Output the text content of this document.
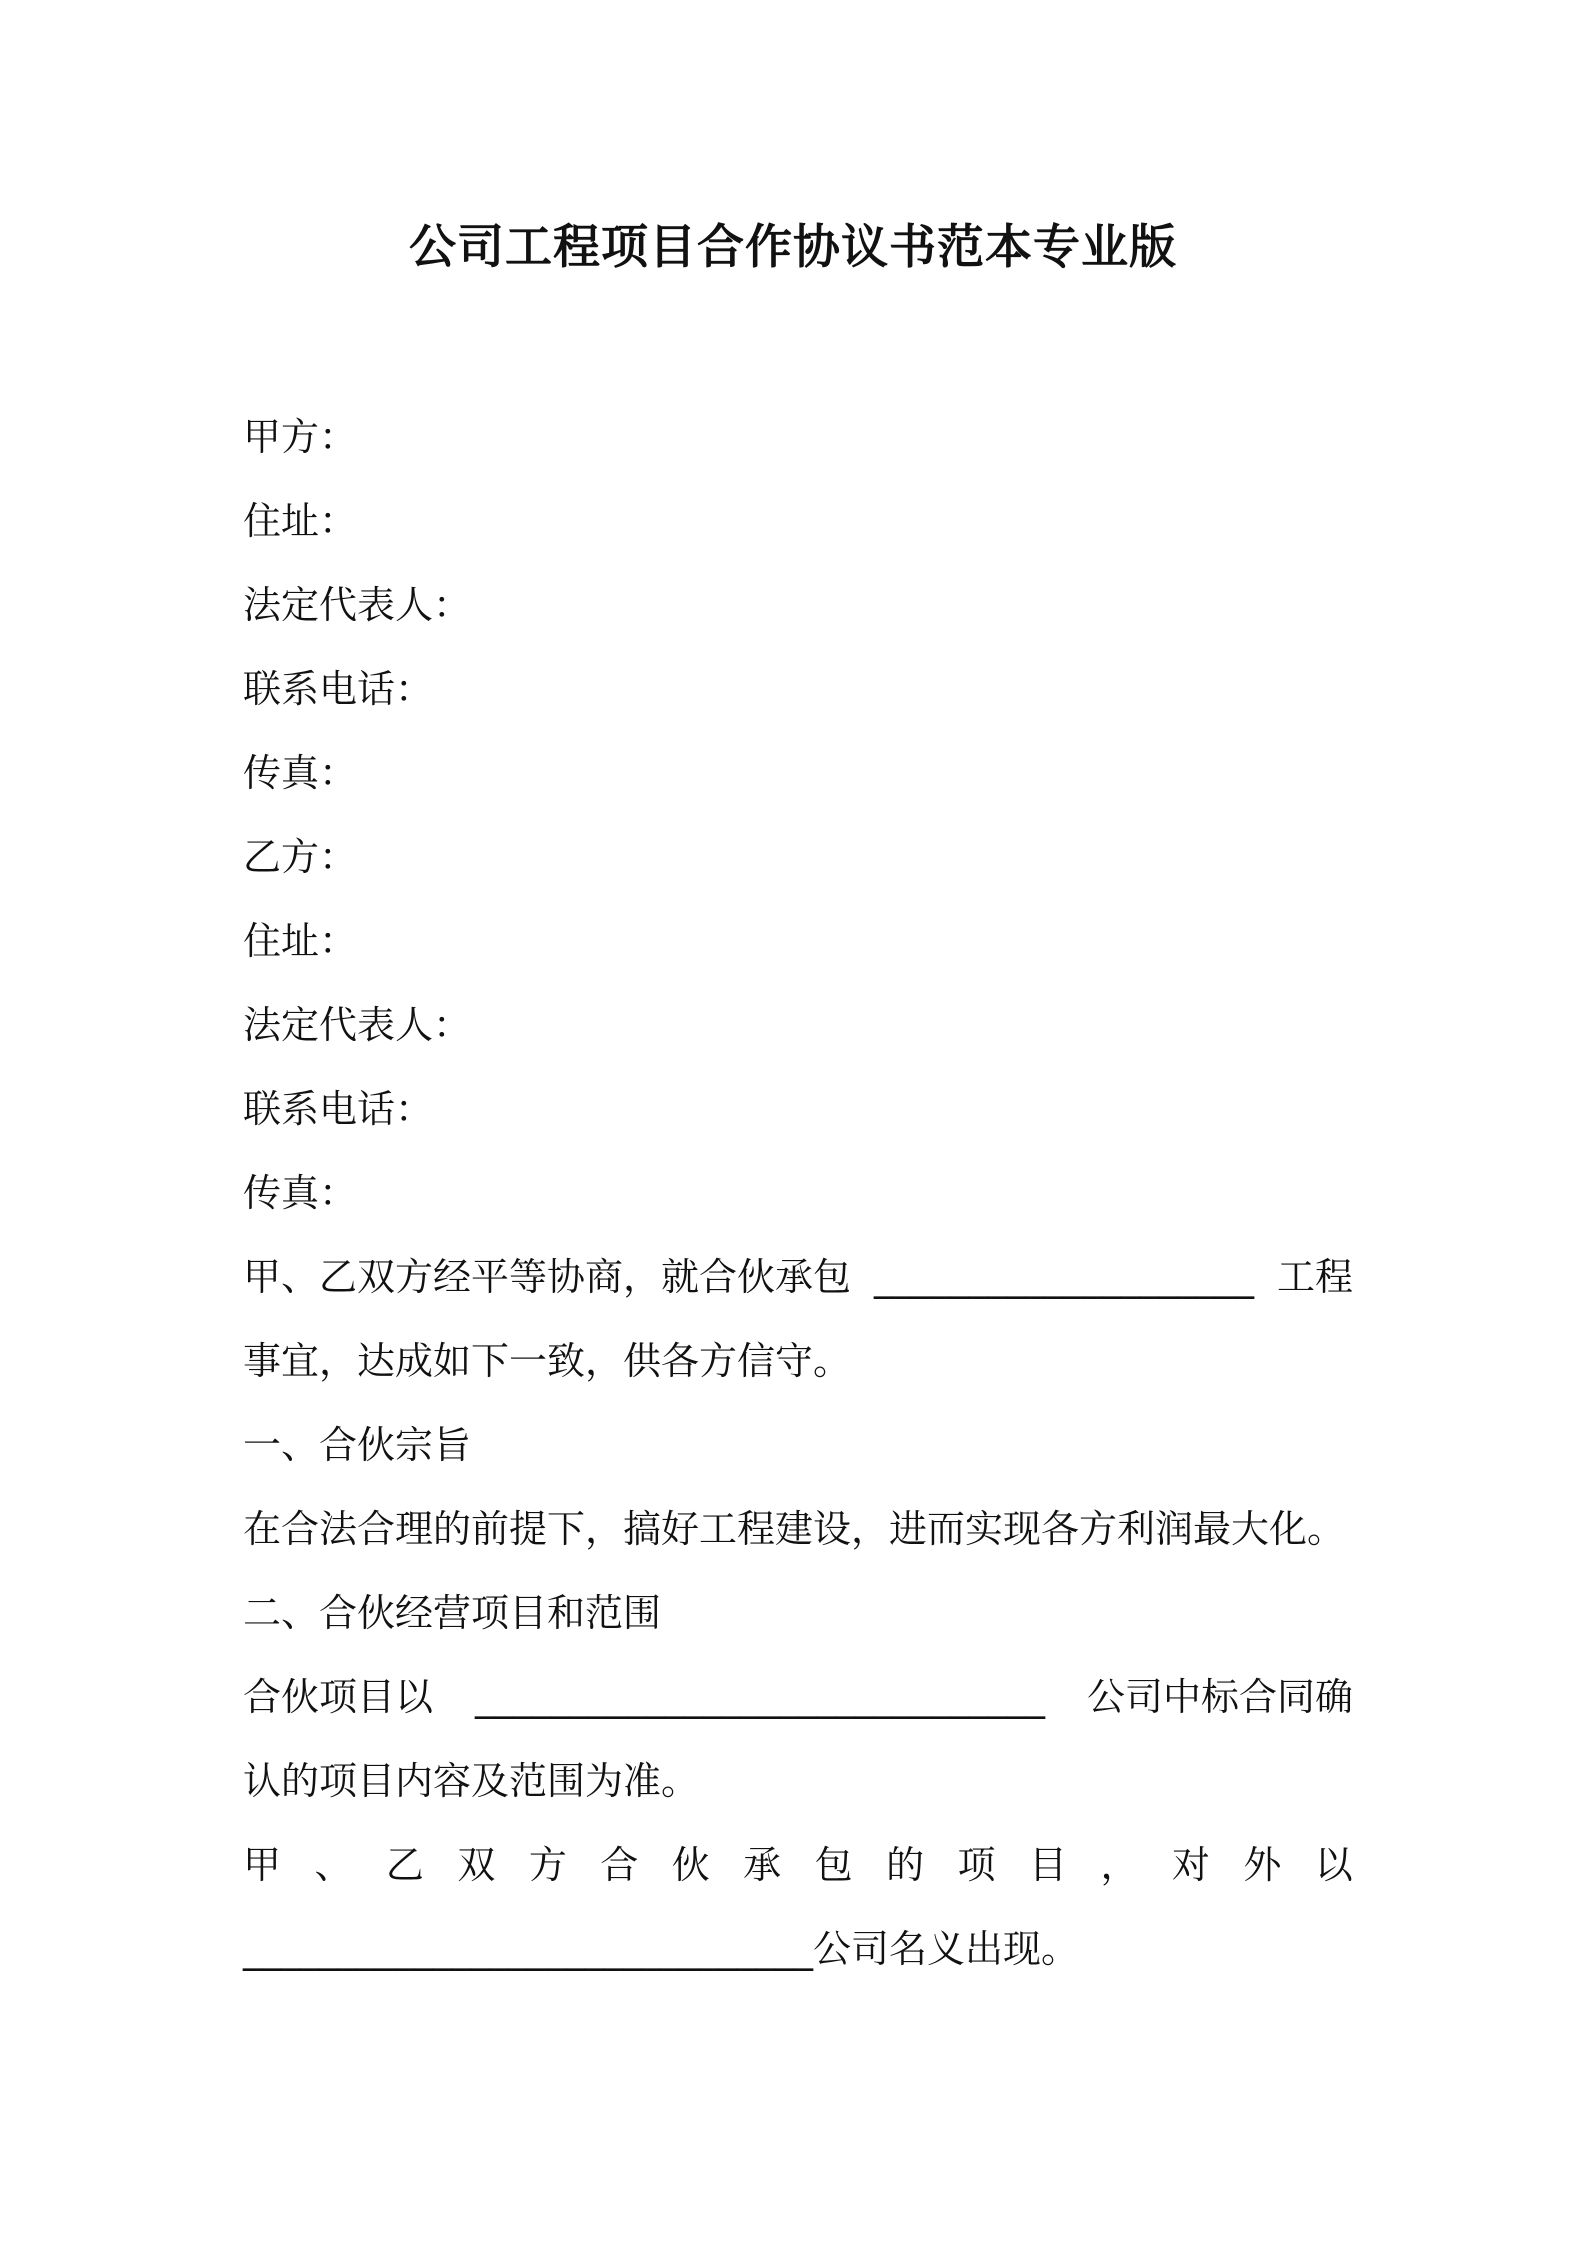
公司工程项目合作协议书范本专业版
甲方：
住址：
法定代表人：
联系电话：
传真：
乙方：
住址：
法定代表人：
联系电话：
传真：
甲、乙双方经平等协商，就合伙承包 ____________________ 工程
事宜，达成如下一致，供各方信守。
一、合伙宗旨
在合法合理的前提下，搞好工程建设，进而实现各方利润最大化。
二、合伙经营项目和范围
合伙项目以 ______________________________ 公司中标合同确
认的项目内容及范围为准。
甲 、 乙 双 方 合 伙 承 包 的 项 目 ， 对 外 以
______________________________公司名义出现。
